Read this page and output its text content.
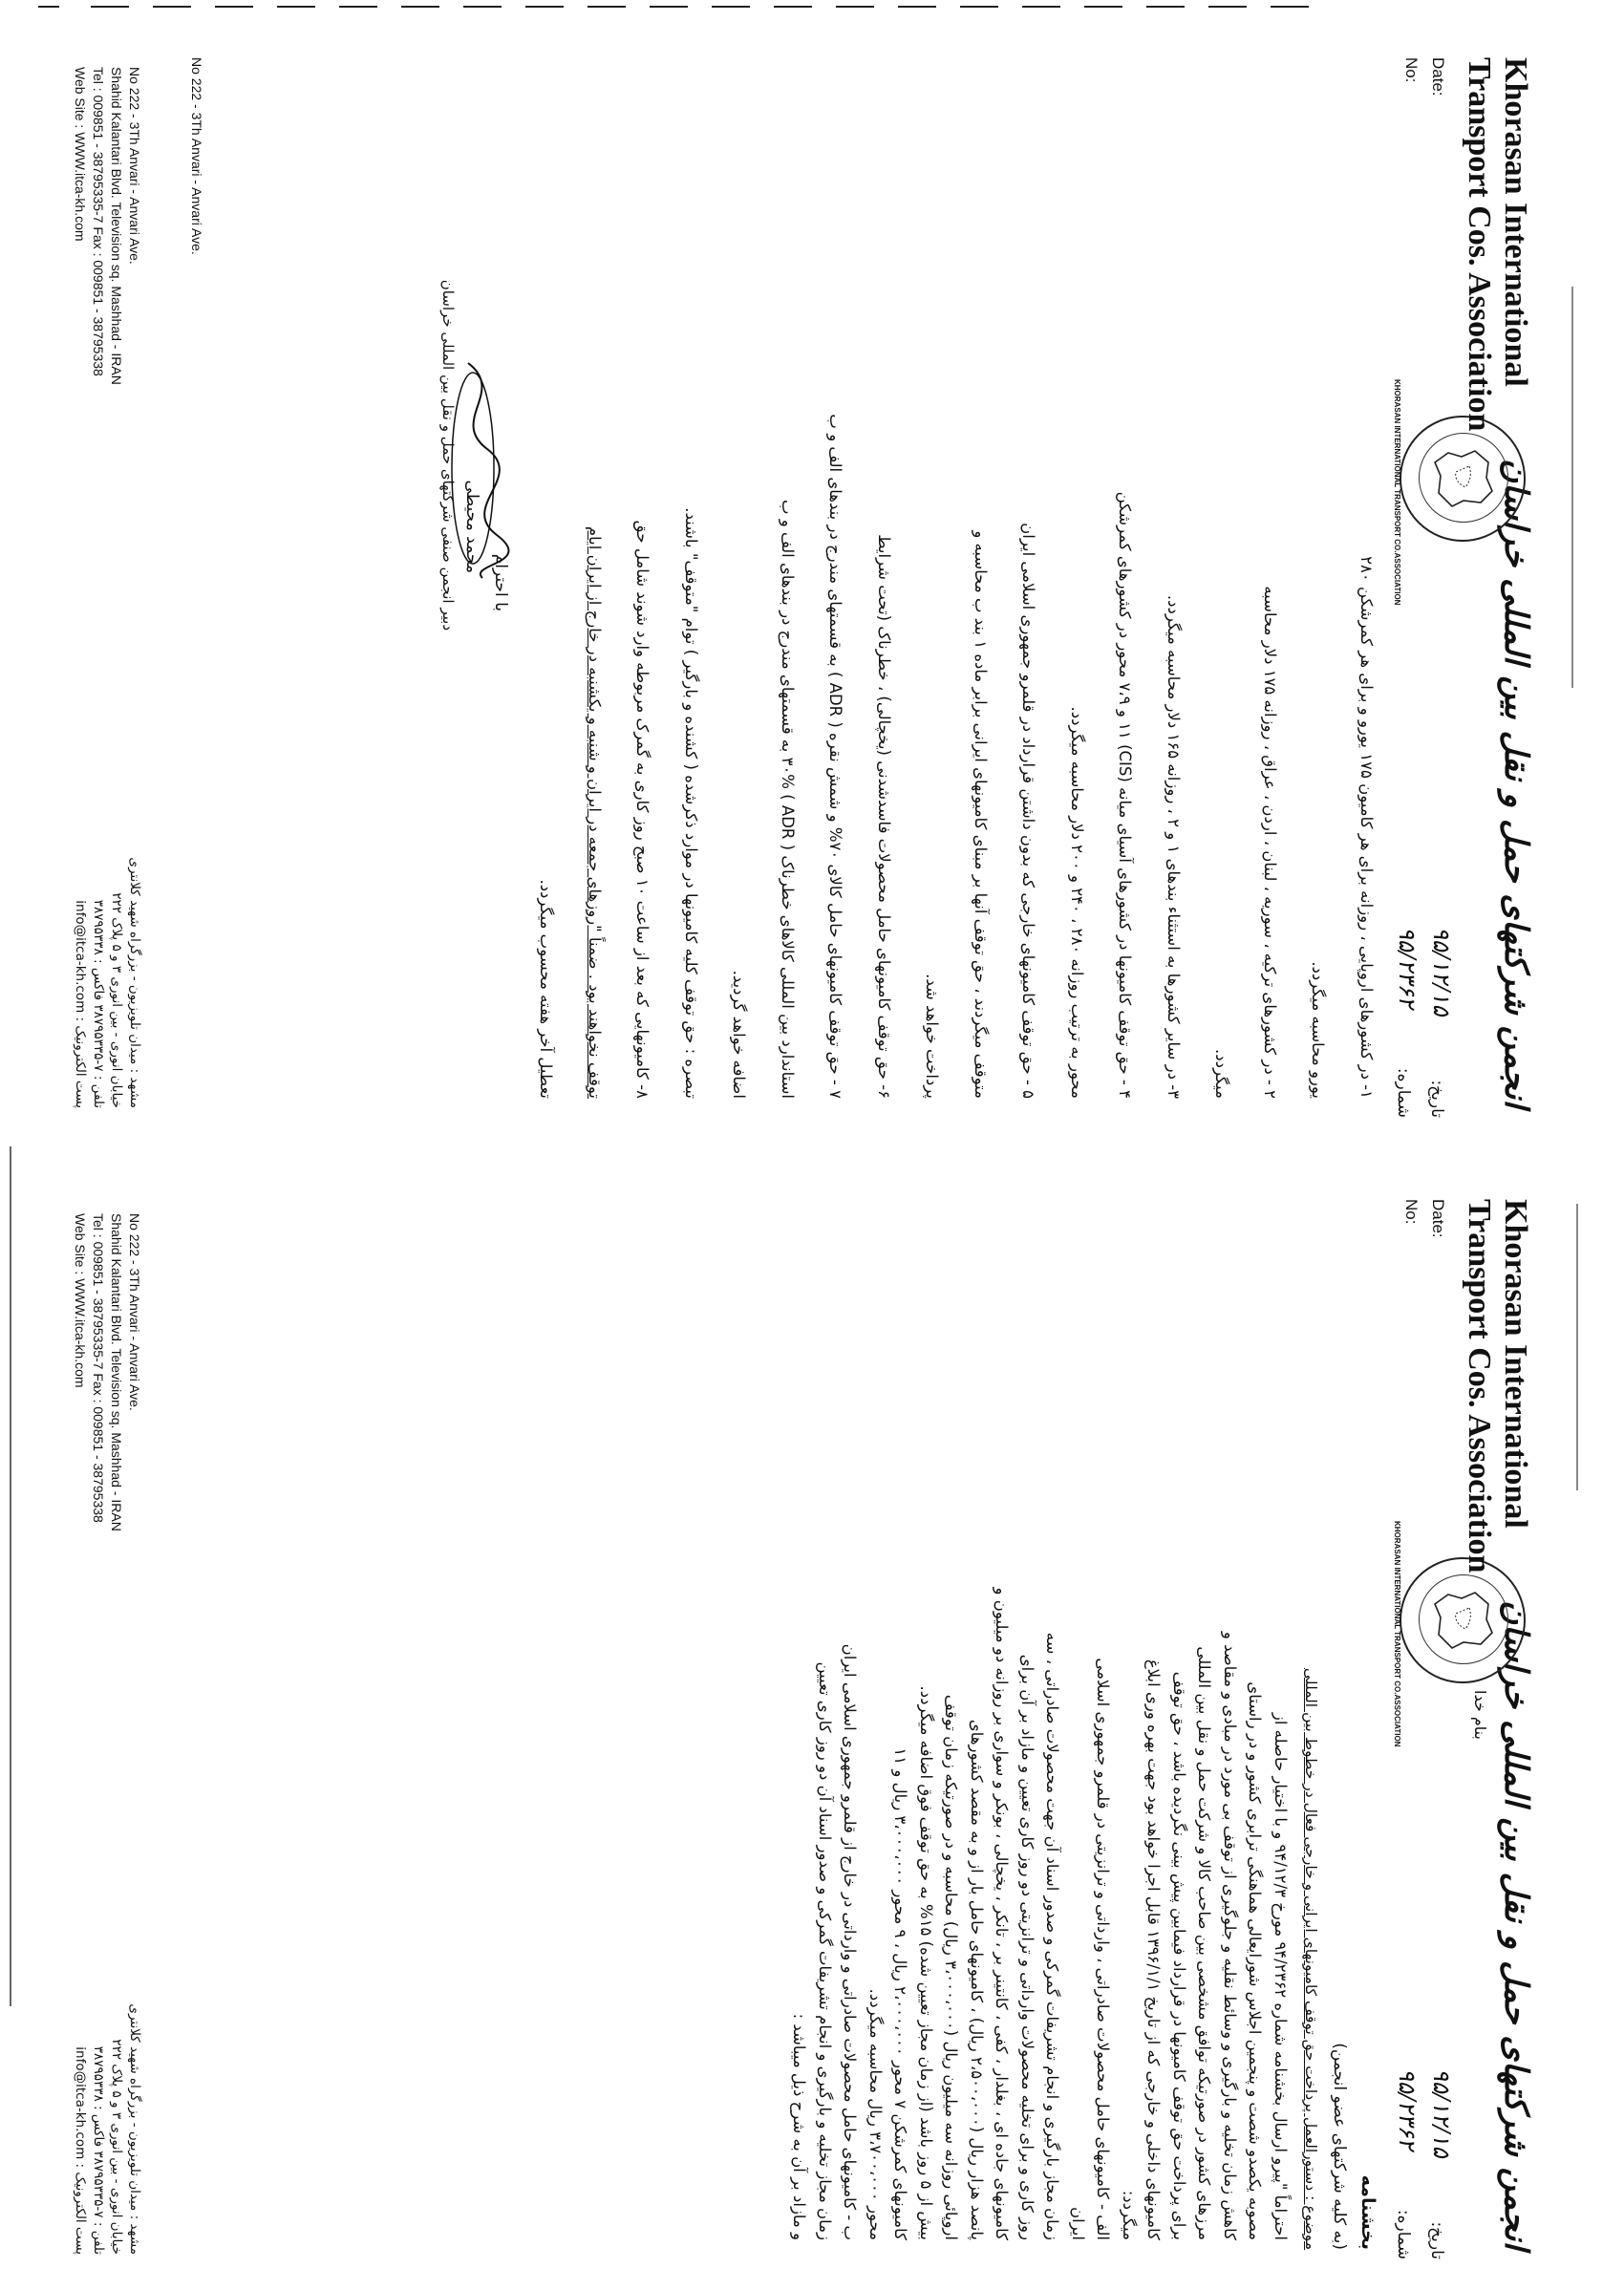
انجمن شرکتهای حمل و نقل بین المللی خراسان
تاریخ:
۹۵/۱۲/۱۵
شماره:
۹۵/۲۳۶۲
KHORASAN INTERNATIONAL TRANSPORT CO.ASSOCIATION
Khorasan International
Transport Cos. Association
Date:
No:
۱- در کشورهای اروپایی ، روزانه برای هر کامیون ۱۷۵ یورو و برای هر کمرشکن ۲۸۰
یورو محاسبه میگردد.
۲ - در کشورهای ترکیه ، سوریه ، لبنان ، اردن ، عراق ، روزانه ۱۷۵ دلار محاسبه
میگردد.
۳- در سایر کشورها به استثناء بندهای ۱ و ۲ ، روزانه ۱۶۵ دلار محاسبه میگردد.
۴ - حق توقف کامیونها در کشورهای آسیای میانه (CIS) ۱۱ و ۷،۹ محور در کشورهای کمرشکن
محور به ترتیب روزانه ۲۸۰ ، ۲۴۰ و ۲۰۰ دلار محاسبه میگردد.
۵ - حق توقف کامیونهای خارجی که بدون داشتن قرارداد در قلمرو جمهوری اسلامی ایران
متوقف میگردند ، حق توقف آنها بر مبنای کامیونهای ایرانی برابر ماده ۱ بند ب محاسبه و
پرداخت خواهد شد.
۶- حق توقف کامیونهای حامل محصولات فاسدشدنی (یخچالی) ، خطرناک (تحت شرایط
۷ - حق توقف کامیونهای حامل کالای ۷۰% و شمش نقره ( ADR ) به قسمتهای مندرج در بندهای الف و ب
استاندارد بین المللی کالاهای خطرناک ( ADR ) ۳۰% به قسمتهای مندرج در بندهای الف و ب
اضافه خواهد گردید.
تبصره : حق توقف کلیه کامیونها در موارد ذکرشده ( کشنده و بارگیر ) توام "متوقف" باشند.
۸- کامیونهایی که بعد از ساعت ۱۰ صبح روز کاری به گمرک مربوطه وارد شوند شامل حق
توقف نخواهند بود . ضمناً "روزهای جمعه در ایران و شنبه و یکشنبه در خارج از ایران ایام
تعطیل آخر هفته محسوب میگردد.
با احترام
محمد محیطی
دبیر انجمن صنفی شرکتهای حمل و نقل بین المللی خراسان
No 222 - 3Th Anvari - Anvari Ave.
No 222 - 3Th Anvari - Anvari Ave.
Shahid Kalantari Blvd. Television sq. Mashhad - IRAN
Tel : 009851 - 38795335-7 Fax : 009851 - 38795338
Web Site : WWW.itca-kh.com
مشهد : میدان تلویزیون - بزرگراه شهید کلانتری
خیابان انوری - بین انوری ۳ و ۵ پلاک ۲۲۲
تلفن : ۷-۳۸۷۹۵۳۳۵ فاکس : ۳۸۷۹۵۳۳۸
پست الکترونیک : info@itca-kh.com
انجمن شرکتهای حمل و نقل بین المللی خراسان
بنام خدا
تاریخ:
۹۵/۱۲/۱۵
شماره:
۹۵/۲۳۶۲
KHORASAN INTERNATIONAL TRANSPORT CO.ASSOCIATION
Khorasan International
Transport Cos. Association
Date:
No:
بخشنامه
(به کلیه شرکتهای عضو انجمن)
موضوع : دستورالعمل پرداخت حق توقف کامیونهای ایرانی و خارجی فعال در خطوط بین المللی
احتراماً "پیرو ارسال بخشنامه شماره ۹۴/۲۳۶۲ مورخ ۹۴/۱۲/۳ و با اختیار حاصله از
مصوبه یکصدو شصت و پنجمین اجلاس شورایعالی هماهنگی ترابری کشور و در راستای
کاهش زمان تخلیه و بارگیری و وسائط نقلیه و جلوگیری از توقف بی مورد در مبادی و مقاصد و
مرزهای کشور در صورتیکه توافق مشخصی بین صاحب کالا و شرکت حمل و نقل بین المللی
برای پرداخت حق توقف کامیونها در قرارداد فیمابین پیش بینی نگردیده باشد ، حق توقف
کامیونهای داخلی و خارجی که از تاریخ ۱۳۹۶/۱/۱ قابل اجرا خواهد بود جهت بهره وری ابلاغ
میگردد:
الف - کامیونهای حامل محصولات صادراتی ، وارداتی و ترانزیتی در قلمرو جمهوری اسلامی
ایران
زمان مجاز بارگیری و انجام تشریفات گمرکی و صدور اسناد آن جهت محصولات صادراتی ، سه
روز کاری و برای تخلیه محصولات وارداتی و ترانزیتی دو روز کاری تعیین و مازاد بر آن برای
کامیونهای جاده ای ، بغلدار ، کفی ، کانتینر بر ، تانکر ، یخچالی ، بونکر و سواری بر روزانه دو میلیون و
پانصد هزار ریال (۲،۵۰۰،۰۰۰ ریال) ، کامیونهای حامل بار از و به مقصد کشورهای
اروپائی روزانه سه میلیون ریال (۳،۰۰۰،۰۰۰ ریال) محاسبه و در صورتیکه زمان توقف
بیش از ۵ روز باشد (از زمان مجاز تعیین شده) ۱۵% به حق توقف فوق اضافه میگردد.
کامیونهای کمرشکن ۷ محور ۲،۰۰۰،۰۰۰ ریال ، ۹ محور ۳،۰۰۰،۰۰۰ ریال و ۱۱
محور ۳،۷۰۰،۰۰۰ ریال محاسبه میگردد.
ب - کامیونهای حامل محصولات صادراتی و وارداتی در خارج از قلمرو جمهوری اسلامی ایران
زمان مجاز تخلیه و بارگیری و انجام تشریفات گمرکی و صدور اسناد آن دو روز کاری تعیین
و مازاد بر آن به شرح ذیل میباشد :
No 222 - 3Th Anvari - Anvari Ave.
Shahid Kalantari Blvd. Television sq. Mashhad - IRAN
Tel : 009851 - 38795335-7 Fax : 009851 - 38795338
Web Site : WWW.itca-kh.com
مشهد : میدان تلویزیون - بزرگراه شهید کلانتری
خیابان انوری - بین انوری ۳ و ۵ پلاک ۲۲۲
تلفن : ۷-۳۸۷۹۵۳۳۵ فاکس : ۳۸۷۹۵۳۳۸
پست الکترونیک : info@itca-kh.com
